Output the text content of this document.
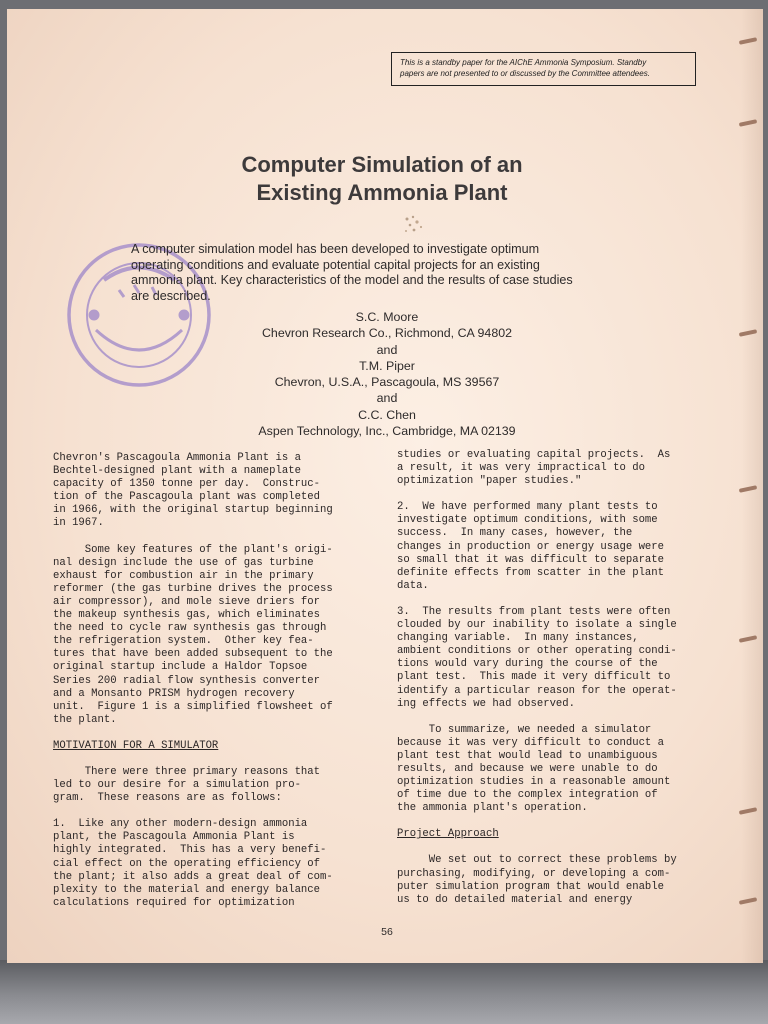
This is a standby paper for the AIChE Ammonia Symposium. Standby
papers are not presented to or discussed by the Committee attendees.
Computer Simulation of an
Existing Ammonia Plant
A computer simulation model has been developed to investigate optimum
operating conditions and evaluate potential capital projects for an existing
ammonia plant. Key characteristics of the model and the results of case studies
are described.
S.C. Moore
Chevron Research Co., Richmond, CA 94802
and
T.M. Piper
Chevron, U.S.A., Pascagoula, MS 39567
and
C.C. Chen
Aspen Technology, Inc., Cambridge, MA 02139

Chevron's Pascagoula Ammonia Plant is a
Bechtel-designed plant with a nameplate
capacity of 1350 tonne per day.  Construc-
tion of the Pascagoula plant was completed
in 1966, with the original startup beginning
in 1967.

Some key features of the plant's origi-
nal design include the use of gas turbine
exhaust for combustion air in the primary
reformer (the gas turbine drives the process
air compressor), and mole sieve driers for
the makeup synthesis gas, which eliminates
the need to cycle raw synthesis gas through
the refrigeration system.  Other key fea-
tures that have been added subsequent to the
original startup include a Haldor Topsoe
Series 200 radial flow synthesis converter
and a Monsanto PRISM hydrogen recovery
unit.  Figure 1 is a simplified flowsheet of
the plant.

MOTIVATION FOR A SIMULATOR

There were three primary reasons that
led to our desire for a simulation pro-
gram.  These reasons are as follows:

1.  Like any other modern-design ammonia
plant, the Pascagoula Ammonia Plant is
highly integrated.  This has a very benefi-
cial effect on the operating efficiency of
the plant; it also adds a great deal of com-
plexity to the material and energy balance
calculations required for optimization

studies or evaluating capital projects.  As
a result, it was very impractical to do
optimization "paper studies."

2.  We have performed many plant tests to
investigate optimum conditions, with some
success.  In many cases, however, the
changes in production or energy usage were
so small that it was difficult to separate
definite effects from scatter in the plant
data.

3.  The results from plant tests were often
clouded by our inability to isolate a single
changing variable.  In many instances,
ambient conditions or other operating condi-
tions would vary during the course of the
plant test.  This made it very difficult to
identify a particular reason for the operat-
ing effects we had observed.

To summarize, we needed a simulator
because it was very difficult to conduct a
plant test that would lead to unambiguous
results, and because we were unable to do
optimization studies in a reasonable amount
of time due to the complex integration of
the ammonia plant's operation.

Project Approach

We set out to correct these problems by
purchasing, modifying, or developing a com-
puter simulation program that would enable
us to do detailed material and energy

56
